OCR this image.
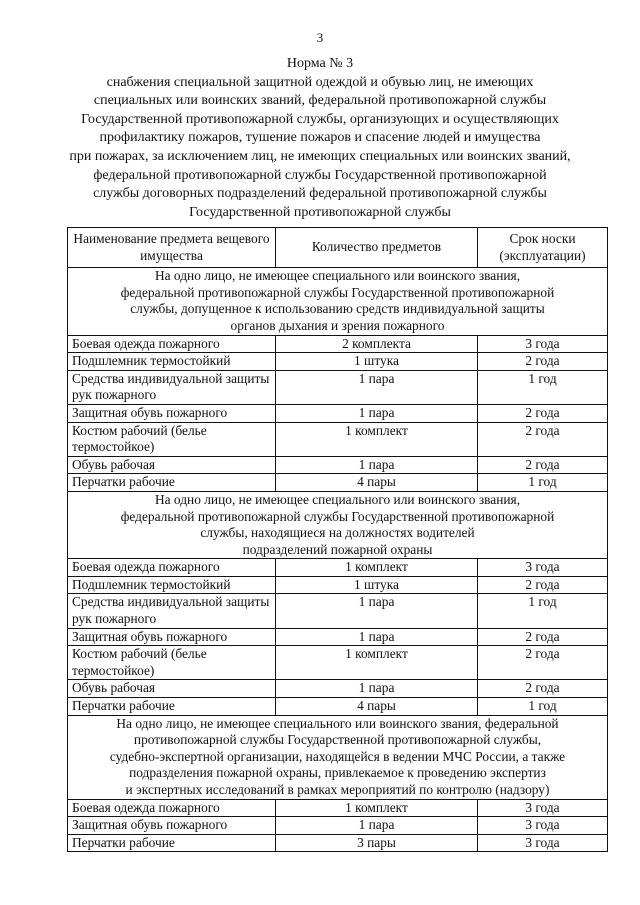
3
Норма № 3
снабжения специальной защитной одеждой и обувью лиц, не имеющих
специальных или воинских званий, федеральной противопожарной службы
Государственной противопожарной службы, организующих и осуществляющих
профилактику пожаров, тушение пожаров и спасение людей и имущества
при пожарах, за исключением лиц, не имеющих специальных или воинских званий,
федеральной противопожарной службы Государственной противопожарной
службы договорных подразделений федеральной противопожарной службы
Государственной противопожарной службы
Наименование предмета вещевого имущества	Количество предметов	Срок носки (эксплуатации)

На одно лицо, не имеющее специального или воинского звания,
федеральной противопожарной службы Государственной противопожарной
службы, допущенное к использованию средств индивидуальной защиты
органов дыхания и зрения пожарного		

Боевая одежда пожарного	2 комплекта	3 года
Подшлемник термостойкий	1 штука	2 года
Средства индивидуальной защиты рук пожарного	1 пара	1 год
Защитная обувь пожарного	1 пара	2 года
Костюм рабочий (белье термостойкое)	1 комплект	2 года
Обувь рабочая	1 пара	2 года
Перчатки рабочие	4 пары	1 год

На одно лицо, не имеющее специального или воинского звания,
федеральной противопожарной службы Государственной противопожарной
службы, находящиеся на должностях водителей
подразделений пожарной охраны		

Боевая одежда пожарного	1 комплект	3 года
Подшлемник термостойкий	1 штука	2 года
Средства индивидуальной защиты рук пожарного	1 пара	1 год
Защитная обувь пожарного	1 пара	2 года
Костюм рабочий (белье термостойкое)	1 комплект	2 года
Обувь рабочая	1 пара	2 года
Перчатки рабочие	4 пары	1 год

На одно лицо, не имеющее специального или воинского звания, федеральной
противопожарной службы Государственной противопожарной службы,
судебно-экспертной организации, находящейся в ведении МЧС России, а также
подразделения пожарной охраны, привлекаемое к проведению экспертиз
и экспертных исследований в рамках мероприятий по контролю (надзору)		

Боевая одежда пожарного	1 комплект	3 года
Защитная обувь пожарного	1 пара	3 года
Перчатки рабочие	3 пары	3 года
